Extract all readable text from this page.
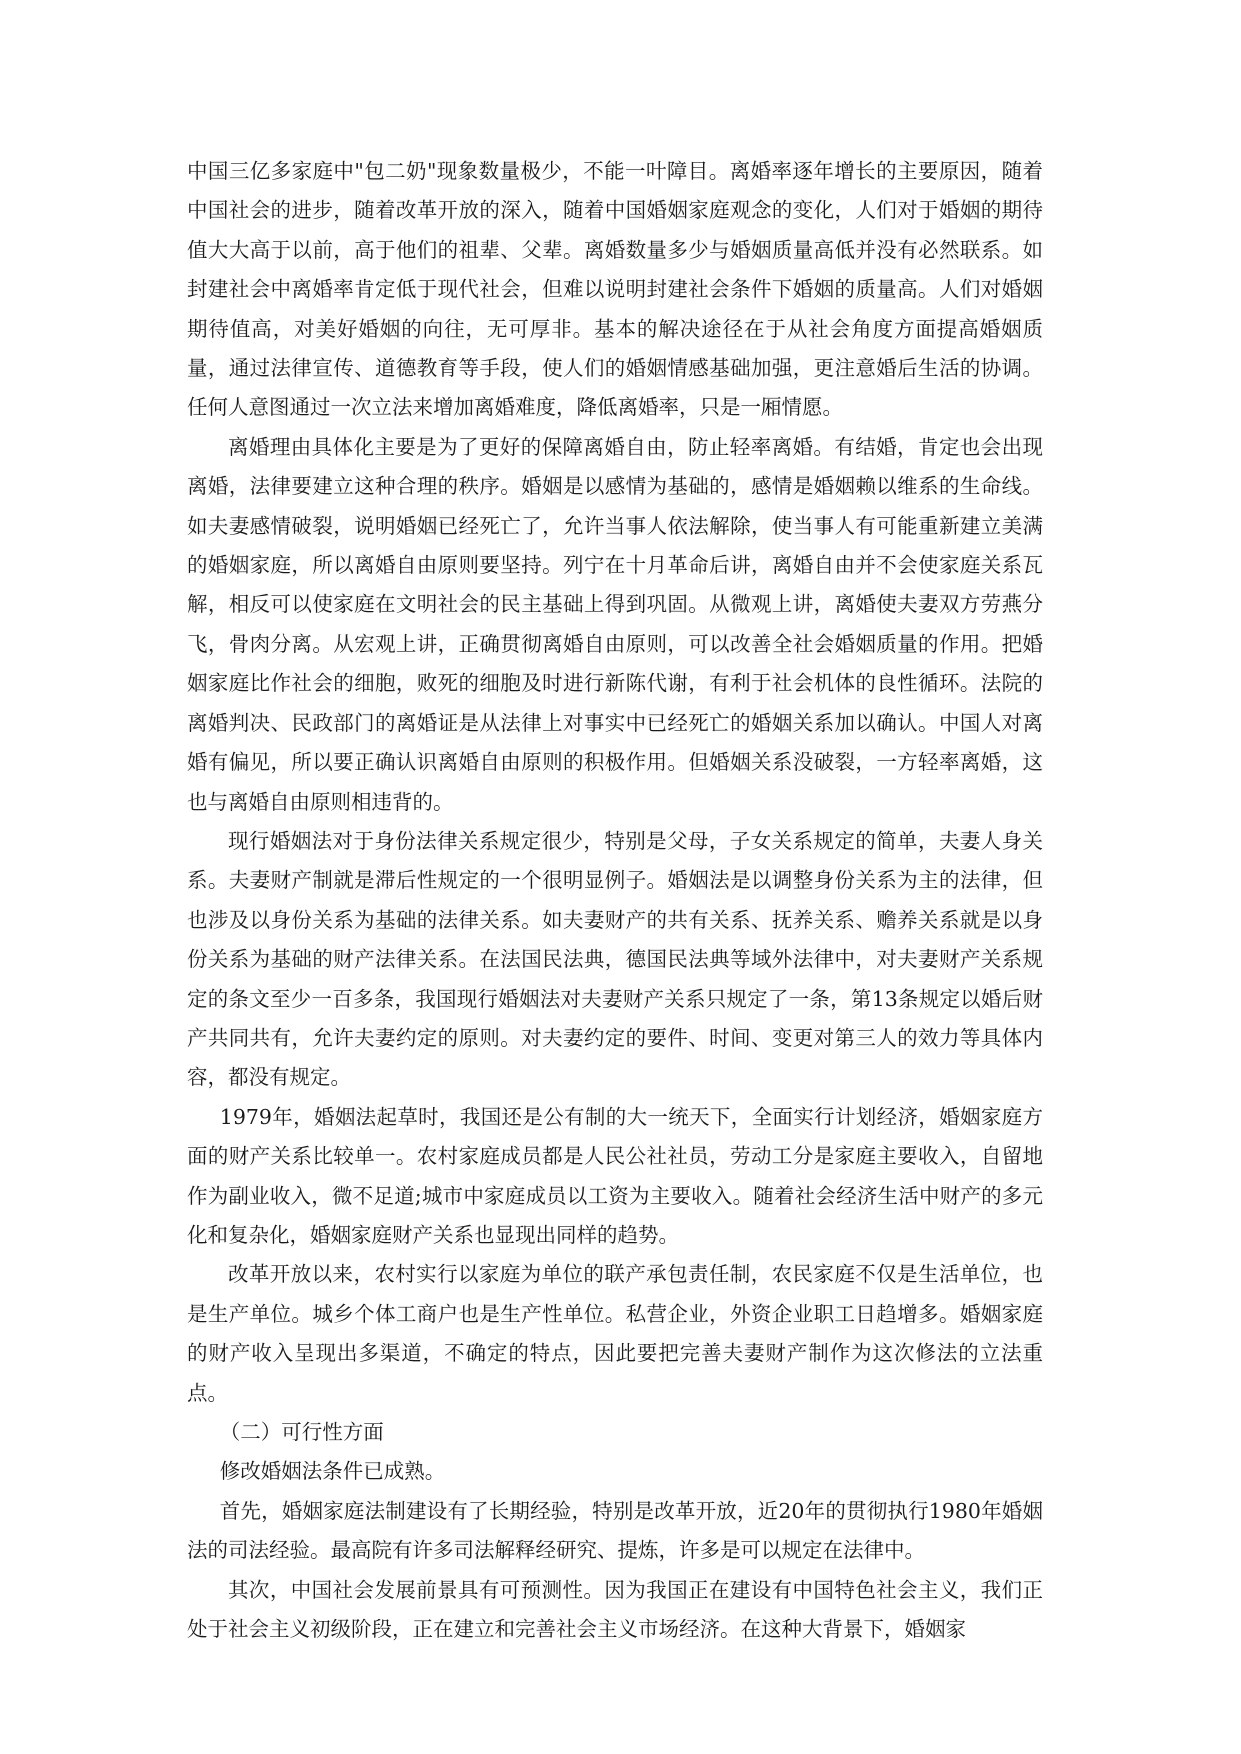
中国三亿多家庭中"包二奶"现象数量极少，不能一叶障目。离婚率逐年增长的主要原因，随着中国社会的进步，随着改革开放的深入，随着中国婚姻家庭观念的变化，人们对于婚姻的期待值大大高于以前，高于他们的祖辈、父辈。离婚数量多少与婚姻质量高低并没有必然联系。如封建社会中离婚率肯定低于现代社会，但难以说明封建社会条件下婚姻的质量高。人们对婚姻期待值高，对美好婚姻的向往，无可厚非。基本的解决途径在于从社会角度方面提高婚姻质量，通过法律宣传、道德教育等手段，使人们的婚姻情感基础加强，更注意婚后生活的协调。任何人意图通过一次立法来增加离婚难度，降低离婚率，只是一厢情愿。

离婚理由具体化主要是为了更好的保障离婚自由，防止轻率离婚。有结婚，肯定也会出现离婚，法律要建立这种合理的秩序。婚姻是以感情为基础的，感情是婚姻赖以维系的生命线。如夫妻感情破裂，说明婚姻已经死亡了，允许当事人依法解除，使当事人有可能重新建立美满的婚姻家庭，所以离婚自由原则要坚持。列宁在十月革命后讲，离婚自由并不会使家庭关系瓦解，相反可以使家庭在文明社会的民主基础上得到巩固。从微观上讲，离婚使夫妻双方劳燕分飞，骨肉分离。从宏观上讲，正确贯彻离婚自由原则，可以改善全社会婚姻质量的作用。把婚姻家庭比作社会的细胞，败死的细胞及时进行新陈代谢，有利于社会机体的良性循环。法院的离婚判决、民政部门的离婚证是从法律上对事实中已经死亡的婚姻关系加以确认。中国人对离婚有偏见，所以要正确认识离婚自由原则的积极作用。但婚姻关系没破裂，一方轻率离婚，这也与离婚自由原则相违背的。

现行婚姻法对于身份法律关系规定很少，特别是父母，子女关系规定的简单，夫妻人身关系。夫妻财产制就是滞后性规定的一个很明显例子。婚姻法是以调整身份关系为主的法律，但也涉及以身份关系为基础的法律关系。如夫妻财产的共有关系、抚养关系、赡养关系就是以身份关系为基础的财产法律关系。在法国民法典，德国民法典等域外法律中，对夫妻财产关系规定的条文至少一百多条，我国现行婚姻法对夫妻财产关系只规定了一条，第13条规定以婚后财产共同共有，允许夫妻约定的原则。对夫妻约定的要件、时间、变更对第三人的效力等具体内容，都没有规定。

1979年，婚姻法起草时，我国还是公有制的大一统天下，全面实行计划经济，婚姻家庭方面的财产关系比较单一。农村家庭成员都是人民公社社员，劳动工分是家庭主要收入，自留地作为副业收入，微不足道;城市中家庭成员以工资为主要收入。随着社会经济生活中财产的多元化和复杂化，婚姻家庭财产关系也显现出同样的趋势。

改革开放以来，农村实行以家庭为单位的联产承包责任制，农民家庭不仅是生活单位，也是生产单位。城乡个体工商户也是生产性单位。私营企业，外资企业职工日趋增多。婚姻家庭的财产收入呈现出多渠道，不确定的特点，因此要把完善夫妻财产制作为这次修法的立法重点。

（二）可行性方面

修改婚姻法条件已成熟。

首先，婚姻家庭法制建设有了长期经验，特别是改革开放，近20年的贯彻执行1980年婚姻法的司法经验。最高院有许多司法解释经研究、提炼，许多是可以规定在法律中。

其次，中国社会发展前景具有可预测性。因为我国正在建设有中国特色社会主义，我们正处于社会主义初级阶段，正在建立和完善社会主义市场经济。在这种大背景下，婚姻家
